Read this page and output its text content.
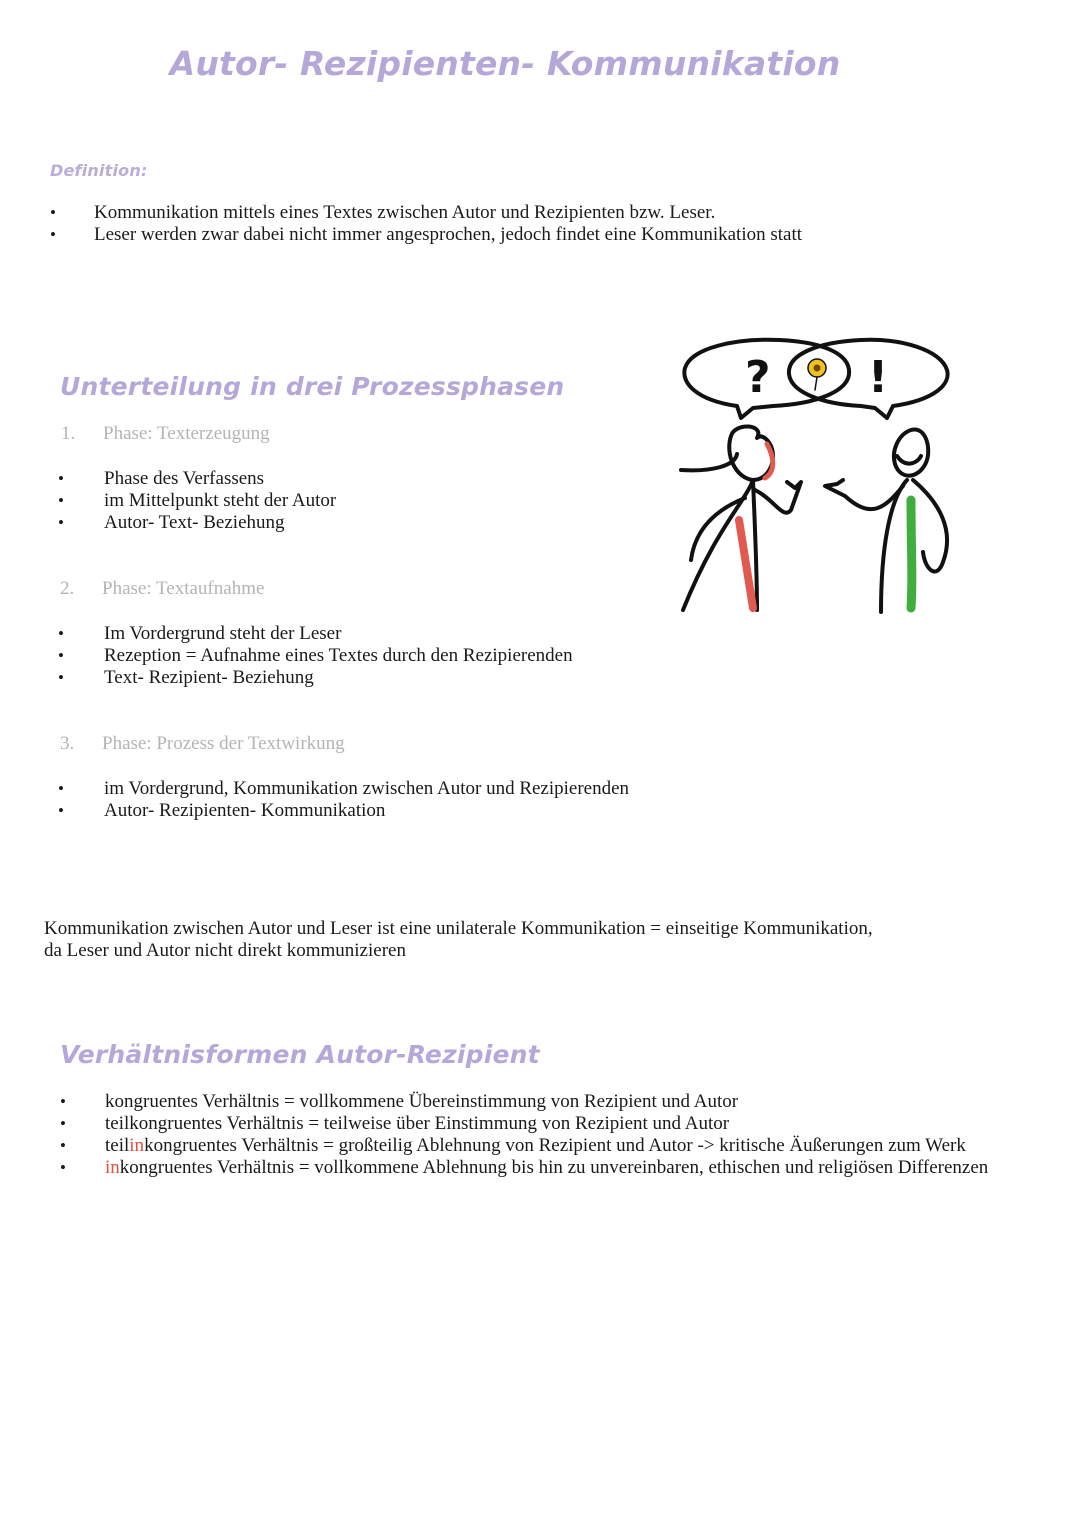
Autor- Rezipienten- Kommunikation
Definition:
• Kommunikation mittels eines Textes zwischen Autor und Rezipienten bzw. Leser.
• Leser werden zwar dabei nicht immer angesprochen, jedoch findet eine Kommunikation statt
Unterteilung in drei Prozessphasen
1. Phase: Texterzeugung
• Phase des Verfassens
• im Mittelpunkt steht der Autor
• Autor- Text- Beziehung
2. Phase: Textaufnahme
• Im Vordergrund steht der Leser
• Rezeption = Aufnahme eines Textes durch den Rezipierenden
• Text- Rezipient- Beziehung
3. Phase: Prozess der Textwirkung
• im Vordergrund, Kommunikation zwischen Autor und Rezipierenden
• Autor- Rezipienten- Kommunikation
? !
Kommunikation zwischen Autor und Leser ist eine unilaterale Kommunikation = einseitige Kommunikation,
da Leser und Autor nicht direkt kommunizieren
Verhältnisformen Autor-Rezipient
• kongruentes Verhältnis = vollkommene Übereinstimmung von Rezipient und Autor
• teilkongruentes Verhältnis = teilweise über Einstimmung von Rezipient und Autor
• teilinkongruentes Verhältnis = großteilig Ablehnung von Rezipient und Autor -> kritische Äußerungen zum Werk
• inkongruentes Verhältnis = vollkommene Ablehnung bis hin zu unvereinbaren, ethischen und religiösen Differenzen
